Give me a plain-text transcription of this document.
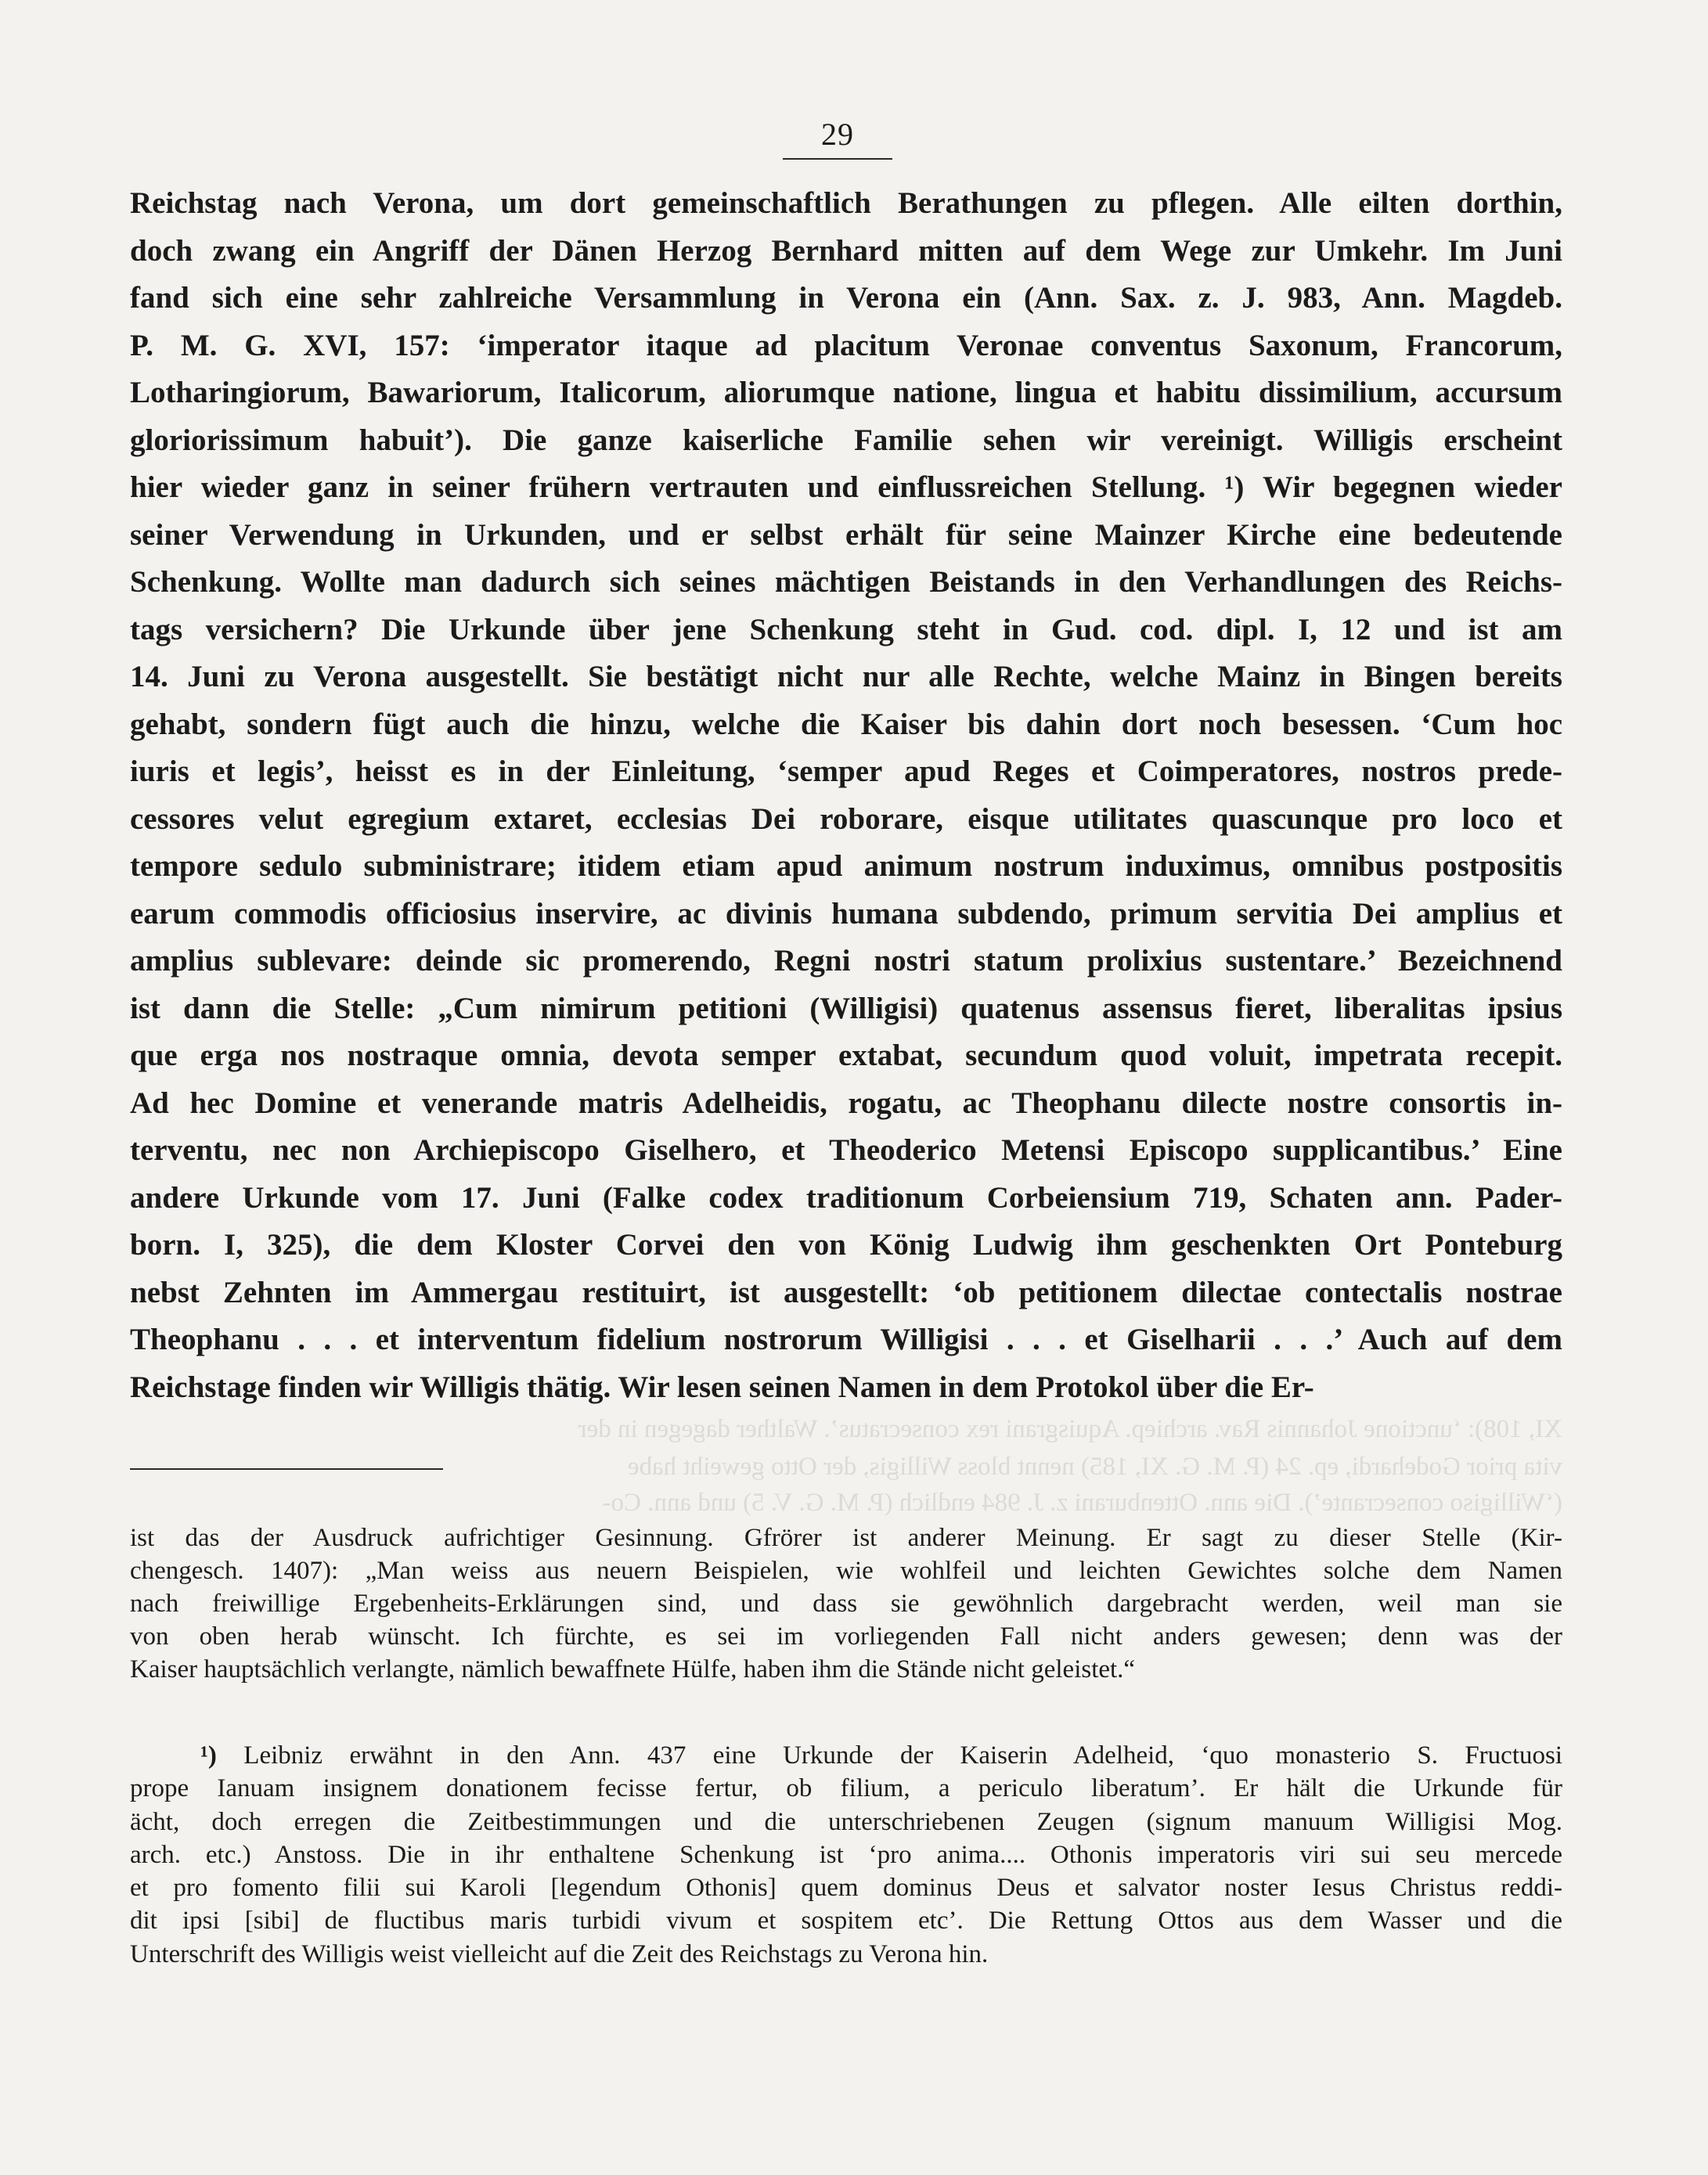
29
Reichstag nach Verona, um dort gemeinschaftlich Berathungen zu pflegen. Alle eilten dorthin,
doch zwang ein Angriff der Dänen Herzog Bernhard mitten auf dem Wege zur Umkehr. Im Juni
fand sich eine sehr zahlreiche Versammlung in Verona ein (Ann. Sax. z. J. 983, Ann. Magdeb.
P. M. G. XVI, 157: ‘imperator itaque ad placitum Veronae conventus Saxonum, Francorum,
Lotharingiorum, Bawariorum, Italicorum, aliorumque natione, lingua et habitu dissimilium, accursum
gloriorissimum habuit’). Die ganze kaiserliche Familie sehen wir vereinigt. Willigis erscheint
hier wieder ganz in seiner frühern vertrauten und einflussreichen Stellung. ¹) Wir begegnen wieder
seiner Verwendung in Urkunden, und er selbst erhält für seine Mainzer Kirche eine bedeutende
Schenkung. Wollte man dadurch sich seines mächtigen Beistands in den Verhandlungen des Reichs-
tags versichern? Die Urkunde über jene Schenkung steht in Gud. cod. dipl. I, 12 und ist am
14. Juni zu Verona ausgestellt. Sie bestätigt nicht nur alle Rechte, welche Mainz in Bingen bereits
gehabt, sondern fügt auch die hinzu, welche die Kaiser bis dahin dort noch besessen. ‘Cum hoc
iuris et legis’, heisst es in der Einleitung, ‘semper apud Reges et Coimperatores, nostros prede-
cessores velut egregium extaret, ecclesias Dei roborare, eisque utilitates quascunque pro loco et
tempore sedulo subministrare; itidem etiam apud animum nostrum induximus, omnibus postpositis
earum commodis officiosius inservire, ac divinis humana subdendo, primum servitia Dei amplius et
amplius sublevare: deinde sic promerendo, Regni nostri statum prolixius sustentare.’ Bezeichnend
ist dann die Stelle: „Cum nimirum petitioni (Willigisi) quatenus assensus fieret, liberalitas ipsius
que erga nos nostraque omnia, devota semper extabat, secundum quod voluit, impetrata recepit.
Ad hec Domine et venerande matris Adelheidis, rogatu, ac Theophanu dilecte nostre consortis in-
terventu, nec non Archiepiscopo Giselhero, et Theoderico Metensi Episcopo supplicantibus.’ Eine
andere Urkunde vom 17. Juni (Falke codex traditionum Corbeiensium 719, Schaten ann. Pader-
born. I, 325), die dem Kloster Corvei den von König Ludwig ihm geschenkten Ort Ponteburg
nebst Zehnten im Ammergau restituirt, ist ausgestellt: ‘ob petitionem dilectae contectalis nostrae
Theophanu . . . et interventum fidelium nostrorum Willigisi . . . et Giselharii . . .’ Auch auf dem
Reichstage finden wir Willigis thätig. Wir lesen seinen Namen in dem Protokol über die Er-
XI, 108): ‘unctione Johannis Rav. archiep. Aquisgrani rex consecratus’. Walther dagegen in der
vita prior Godehardi, ep. 24 (P. M. G. XI, 185) nennt bloss Willigis, der Otto geweiht habe
(‘Willigiso consecrante’). Die ann. Ottenburani z. J. 984 endlich (P. M. G. V. 5) und ann. Co-
ist das der Ausdruck aufrichtiger Gesinnung. Gfrörer ist anderer Meinung. Er sagt zu dieser Stelle (Kir-
chengesch. 1407): „Man weiss aus neuern Beispielen, wie wohlfeil und leichten Gewichtes solche dem Namen
nach freiwillige Ergebenheits-Erklärungen sind, und dass sie gewöhnlich dargebracht werden, weil man sie
von oben herab wünscht. Ich fürchte, es sei im vorliegenden Fall nicht anders gewesen; denn was der
Kaiser hauptsächlich verlangte, nämlich bewaffnete Hülfe, haben ihm die Stände nicht geleistet.“
¹) Leibniz erwähnt in den Ann. 437 eine Urkunde der Kaiserin Adelheid, ‘quo monasterio S. Fructuosi
prope Ianuam insignem donationem fecisse fertur, ob filium, a periculo liberatum’. Er hält die Urkunde für
ächt, doch erregen die Zeitbestimmungen und die unterschriebenen Zeugen (signum manuum Willigisi Mog.
arch. etc.) Anstoss. Die in ihr enthaltene Schenkung ist ‘pro anima.... Othonis imperatoris viri sui seu mercede
et pro fomento filii sui Karoli [legendum Othonis] quem dominus Deus et salvator noster Iesus Christus reddi-
dit ipsi [sibi] de fluctibus maris turbidi vivum et sospitem etc’. Die Rettung Ottos aus dem Wasser und die
Unterschrift des Willigis weist vielleicht auf die Zeit des Reichstags zu Verona hin.
